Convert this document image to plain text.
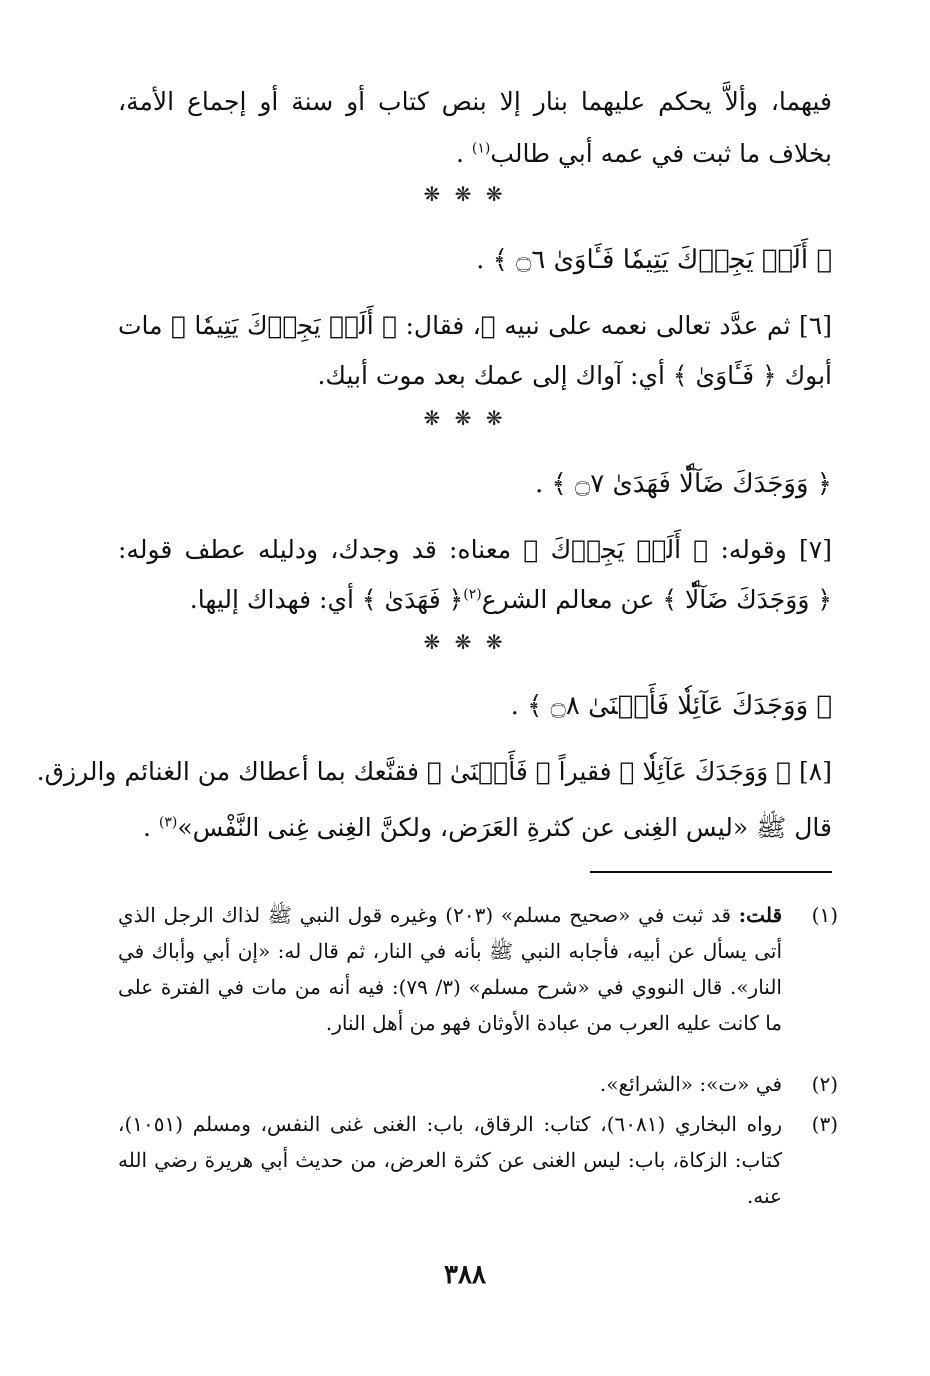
فيهما، وألاَّ يحكم عليهما بنار إلا بنص كتاب أو سنة أو إجماع الأمة،
بخلاف ما ثبت في عمه أبي طالب$^{(١)}$ .
❋ ❋ ❋
﴿ أَلَمۡ يَجِدۡكَ يَتِيمٗا فَـَٔاوَىٰ ۝٦ ﴾ .
[٦] ثم عدَّد تعالى نعمه على نبيه ﷺ، فقال: ﴿ أَلَمۡ يَجِدۡكَ يَتِيمٗا ﴾ مات
أبوك ﴿ فَـَٔاوَىٰ ﴾ أي: آواك إلى عمك بعد موت أبيك.
❋ ❋ ❋
﴿ وَوَجَدَكَ ضَآلّٗا فَهَدَىٰ ۝٧ ﴾ .
[٧] وقوله: ﴿ أَلَمۡ يَجِدۡكَ ﴾ معناه: قد وجدك، ودليله عطف قوله:
﴿ وَوَجَدَكَ ضَآلّٗا ﴾ عن معالم الشرع$^{(٢)}$﴿ فَهَدَىٰ ﴾ أي: فهداك إليها.
❋ ❋ ❋
﴿ وَوَجَدَكَ عَآئِلٗا فَأَغۡنَىٰ ۝٨ ﴾ .
[٨] ﴿ وَوَجَدَكَ عَآئِلٗا ﴾ فقيراً ﴿ فَأَغۡنَىٰ ﴾ فقنَّعك بما أعطاك من الغنائم والرزق.
قال ﷺ «ليس الغِنى عن كثرةِ العَرَض، ولكنَّ الغِنى غِنى النَّفْس»$^{(٣)}$ .
(١)
قلت: قد ثبت في «صحيح مسلم» (٢٠٣) وغيره قول النبي ﷺ لذاك الرجل الذي أتى يسأل عن أبيه، فأجابه النبي ﷺ بأنه في النار، ثم قال له: «إن أبي وأباك في النار». قال النووي في «شرح مسلم» (٣/ ٧٩): فيه أنه من مات في الفترة على ما كانت عليه العرب من عبادة الأوثان فهو من أهل النار.
(٢)
في «ت»: «الشرائع».
(٣)
رواه البخاري (٦٠٨١)، كتاب: الرقاق، باب: الغنى غنى النفس، ومسلم (١٠٥١)، كتاب: الزكاة، باب: ليس الغنى عن كثرة العرض، من حديث أبي هريرة رضي الله عنه.
٣٨٨
